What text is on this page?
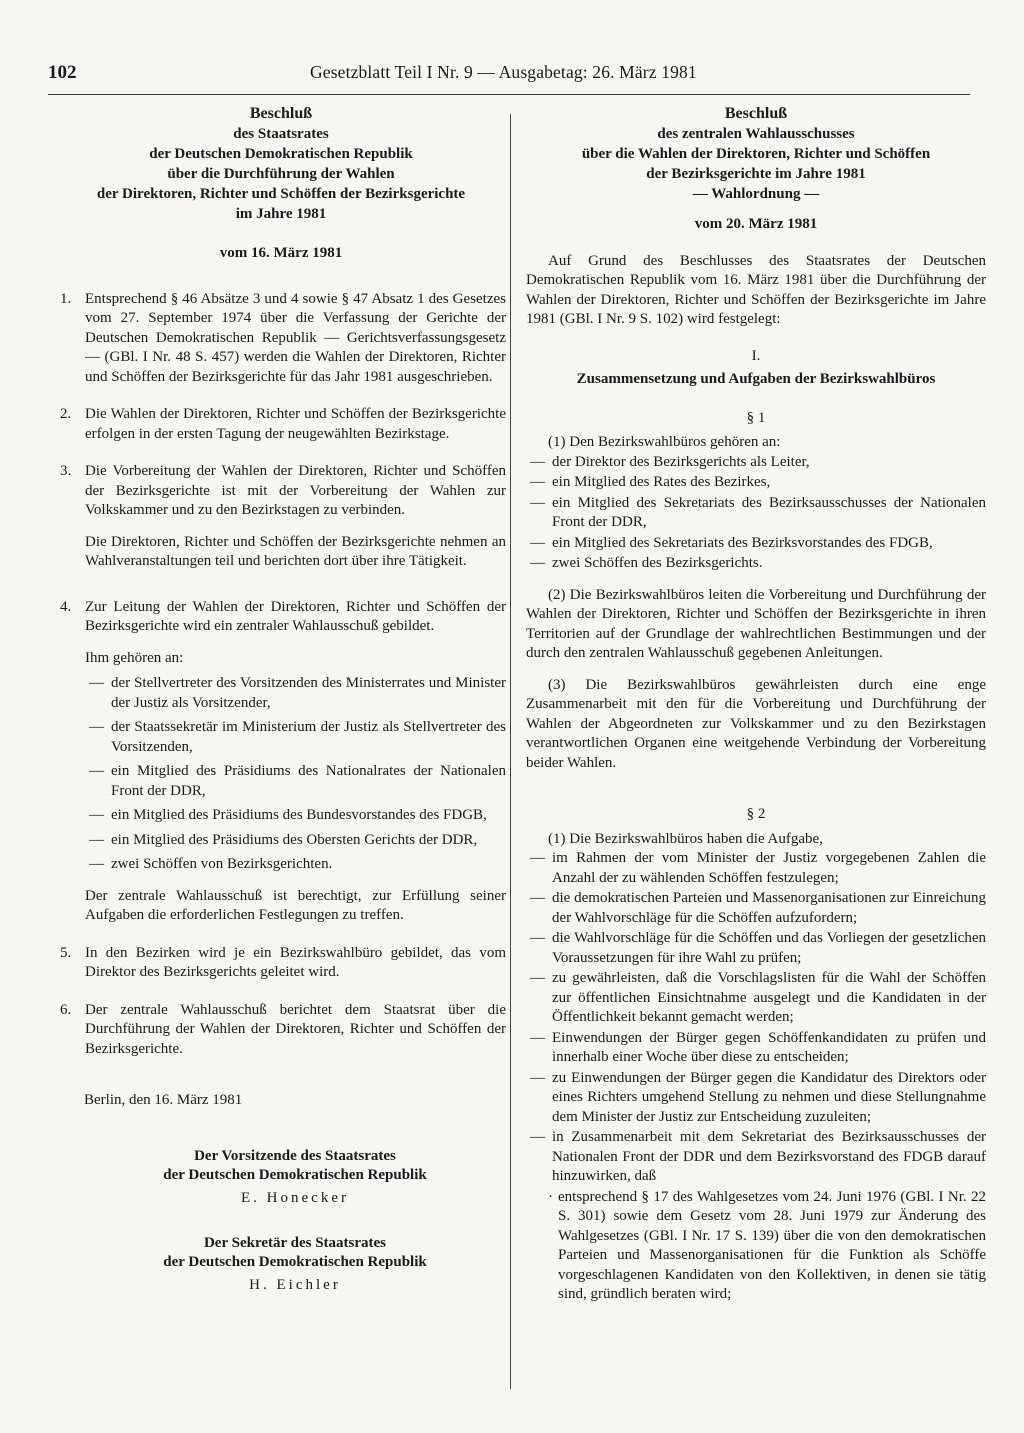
102	Gesetzblatt Teil I Nr. 9 — Ausgabetag: 26. März 1981

Beschluß

des Staatsrates

der Deutschen Demokratischen Republik

über die Durchführung der Wahlen

der Direktoren, Richter und Schöffen der Bezirksgerichte

im Jahre 1981

vom 16. März 1981
1. Entsprechend § 46 Absätze 3 und 4 sowie § 47 Absatz 1 des Gesetzes vom 27. September 1974 über die Verfassung der Gerichte der Deutschen Demokratischen Republik — Gerichtsverfassungsgesetz — (GBl. I Nr. 48 S. 457) werden die Wahlen der Direktoren, Richter und Schöffen der Bezirksgerichte für das Jahr 1981 ausgeschrieben.

2. Die Wahlen der Direktoren, Richter und Schöffen der Bezirksgerichte erfolgen in der ersten Tagung der neugewählten Bezirkstage.

3. Die Vorbereitung der Wahlen der Direktoren, Richter und Schöffen der Bezirksgerichte ist mit der Vorbereitung der Wahlen zur Volkskammer und zu den Bezirkstagen zu verbinden.

Die Direktoren, Richter und Schöffen der Bezirksgerichte nehmen an Wahlveranstaltungen teil und berichten dort über ihre Tätigkeit.

4. Zur Leitung der Wahlen der Direktoren, Richter und Schöffen der Bezirksgerichte wird ein zentraler Wahlausschuß gebildet.

Ihm gehören an:

— der Stellvertreter des Vorsitzenden des Ministerrates und Minister der Justiz als Vorsitzender,
— der Staatssekretär im Ministerium der Justiz als Stellvertreter des Vorsitzenden,
— ein Mitglied des Präsidiums des Nationalrates der Nationalen Front der DDR,
— ein Mitglied des Präsidiums des Bundesvorstandes des FDGB,
— ein Mitglied des Präsidiums des Obersten Gerichts der DDR,
— zwei Schöffen von Bezirksgerichten.

Der zentrale Wahlausschuß ist berechtigt, zur Erfüllung seiner Aufgaben die erforderlichen Festlegungen zu treffen.

5. In den Bezirken wird je ein Bezirkswahlbüro gebildet, das vom Direktor des Bezirksgerichts geleitet wird.

6. Der zentrale Wahlausschuß berichtet dem Staatsrat über die Durchführung der Wahlen der Direktoren, Richter und Schöffen der Bezirksgerichte.

Berlin, den 16. März 1981
Der Vorsitzende des Staatsrates
der Deutschen Demokratischen Republik
E. Honecker
Der Sekretär des Staatsrates
der Deutschen Demokratischen Republik
H. Eichler

Beschluß

des zentralen Wahlausschusses

über die Wahlen der Direktoren, Richter und Schöffen

der Bezirksgerichte im Jahre 1981

— Wahlordnung —

vom 20. März 1981

Auf Grund des Beschlusses des Staatsrates der Deutschen Demokratischen Republik vom 16. März 1981 über die Durchführung der Wahlen der Direktoren, Richter und Schöffen der Bezirksgerichte im Jahre 1981 (GBl. I Nr. 9 S. 102) wird festgelegt:

I.
Zusammensetzung und Aufgaben der Bezirkswahlbüros
§ 1

(1) Den Bezirkswahlbüros gehören an:

— der Direktor des Bezirksgerichts als Leiter,
— ein Mitglied des Rates des Bezirkes,
— ein Mitglied des Sekretariats des Bezirksausschusses der Nationalen Front der DDR,
— ein Mitglied des Sekretariats des Bezirksvorstandes des FDGB,
— zwei Schöffen des Bezirksgerichts.

(2) Die Bezirkswahlbüros leiten die Vorbereitung und Durchführung der Wahlen der Direktoren, Richter und Schöffen der Bezirksgerichte in ihren Territorien auf der Grundlage der wahlrechtlichen Bestimmungen und der durch den zentralen Wahlausschuß gegebenen Anleitungen.

(3) Die Bezirkswahlbüros gewährleisten durch eine enge Zusammenarbeit mit den für die Vorbereitung und Durchführung der Wahlen der Abgeordneten zur Volkskammer und zu den Bezirkstagen verantwortlichen Organen eine weitgehende Verbindung der Vorbereitung beider Wahlen.

§ 2

(1) Die Bezirkswahlbüros haben die Aufgabe,

— im Rahmen der vom Minister der Justiz vorgegebenen Zahlen die Anzahl der zu wählenden Schöffen festzulegen;
— die demokratischen Parteien und Massenorganisationen zur Einreichung der Wahlvorschläge für die Schöffen aufzufordern;
— die Wahlvorschläge für die Schöffen und das Vorliegen der gesetzlichen Voraussetzungen für ihre Wahl zu prüfen;
— zu gewährleisten, daß die Vorschlagslisten für die Wahl der Schöffen zur öffentlichen Einsichtnahme ausgelegt und die Kandidaten in der Öffentlichkeit bekannt gemacht werden;
— Einwendungen der Bürger gegen Schöffenkandidaten zu prüfen und innerhalb einer Woche über diese zu entscheiden;
— zu Einwendungen der Bürger gegen die Kandidatur des Direktors oder eines Richters umgehend Stellung zu nehmen und diese Stellungnahme dem Minister der Justiz zur Entscheidung zuzuleiten;
— in Zusammenarbeit mit dem Sekretariat des Bezirksausschusses der Nationalen Front der DDR und dem Bezirksvorstand des FDGB darauf hinzuwirken, daß
· entsprechend § 17 des Wahlgesetzes vom 24. Juni 1976 (GBl. I Nr. 22 S. 301) sowie dem Gesetz vom 28. Juni 1979 zur Änderung des Wahlgesetzes (GBl. I Nr. 17 S. 139) über die von den demokratischen Parteien und Massenorganisationen für die Funktion als Schöffe vorgeschlagenen Kandidaten von den Kollektiven, in denen sie tätig sind, gründlich beraten wird;
